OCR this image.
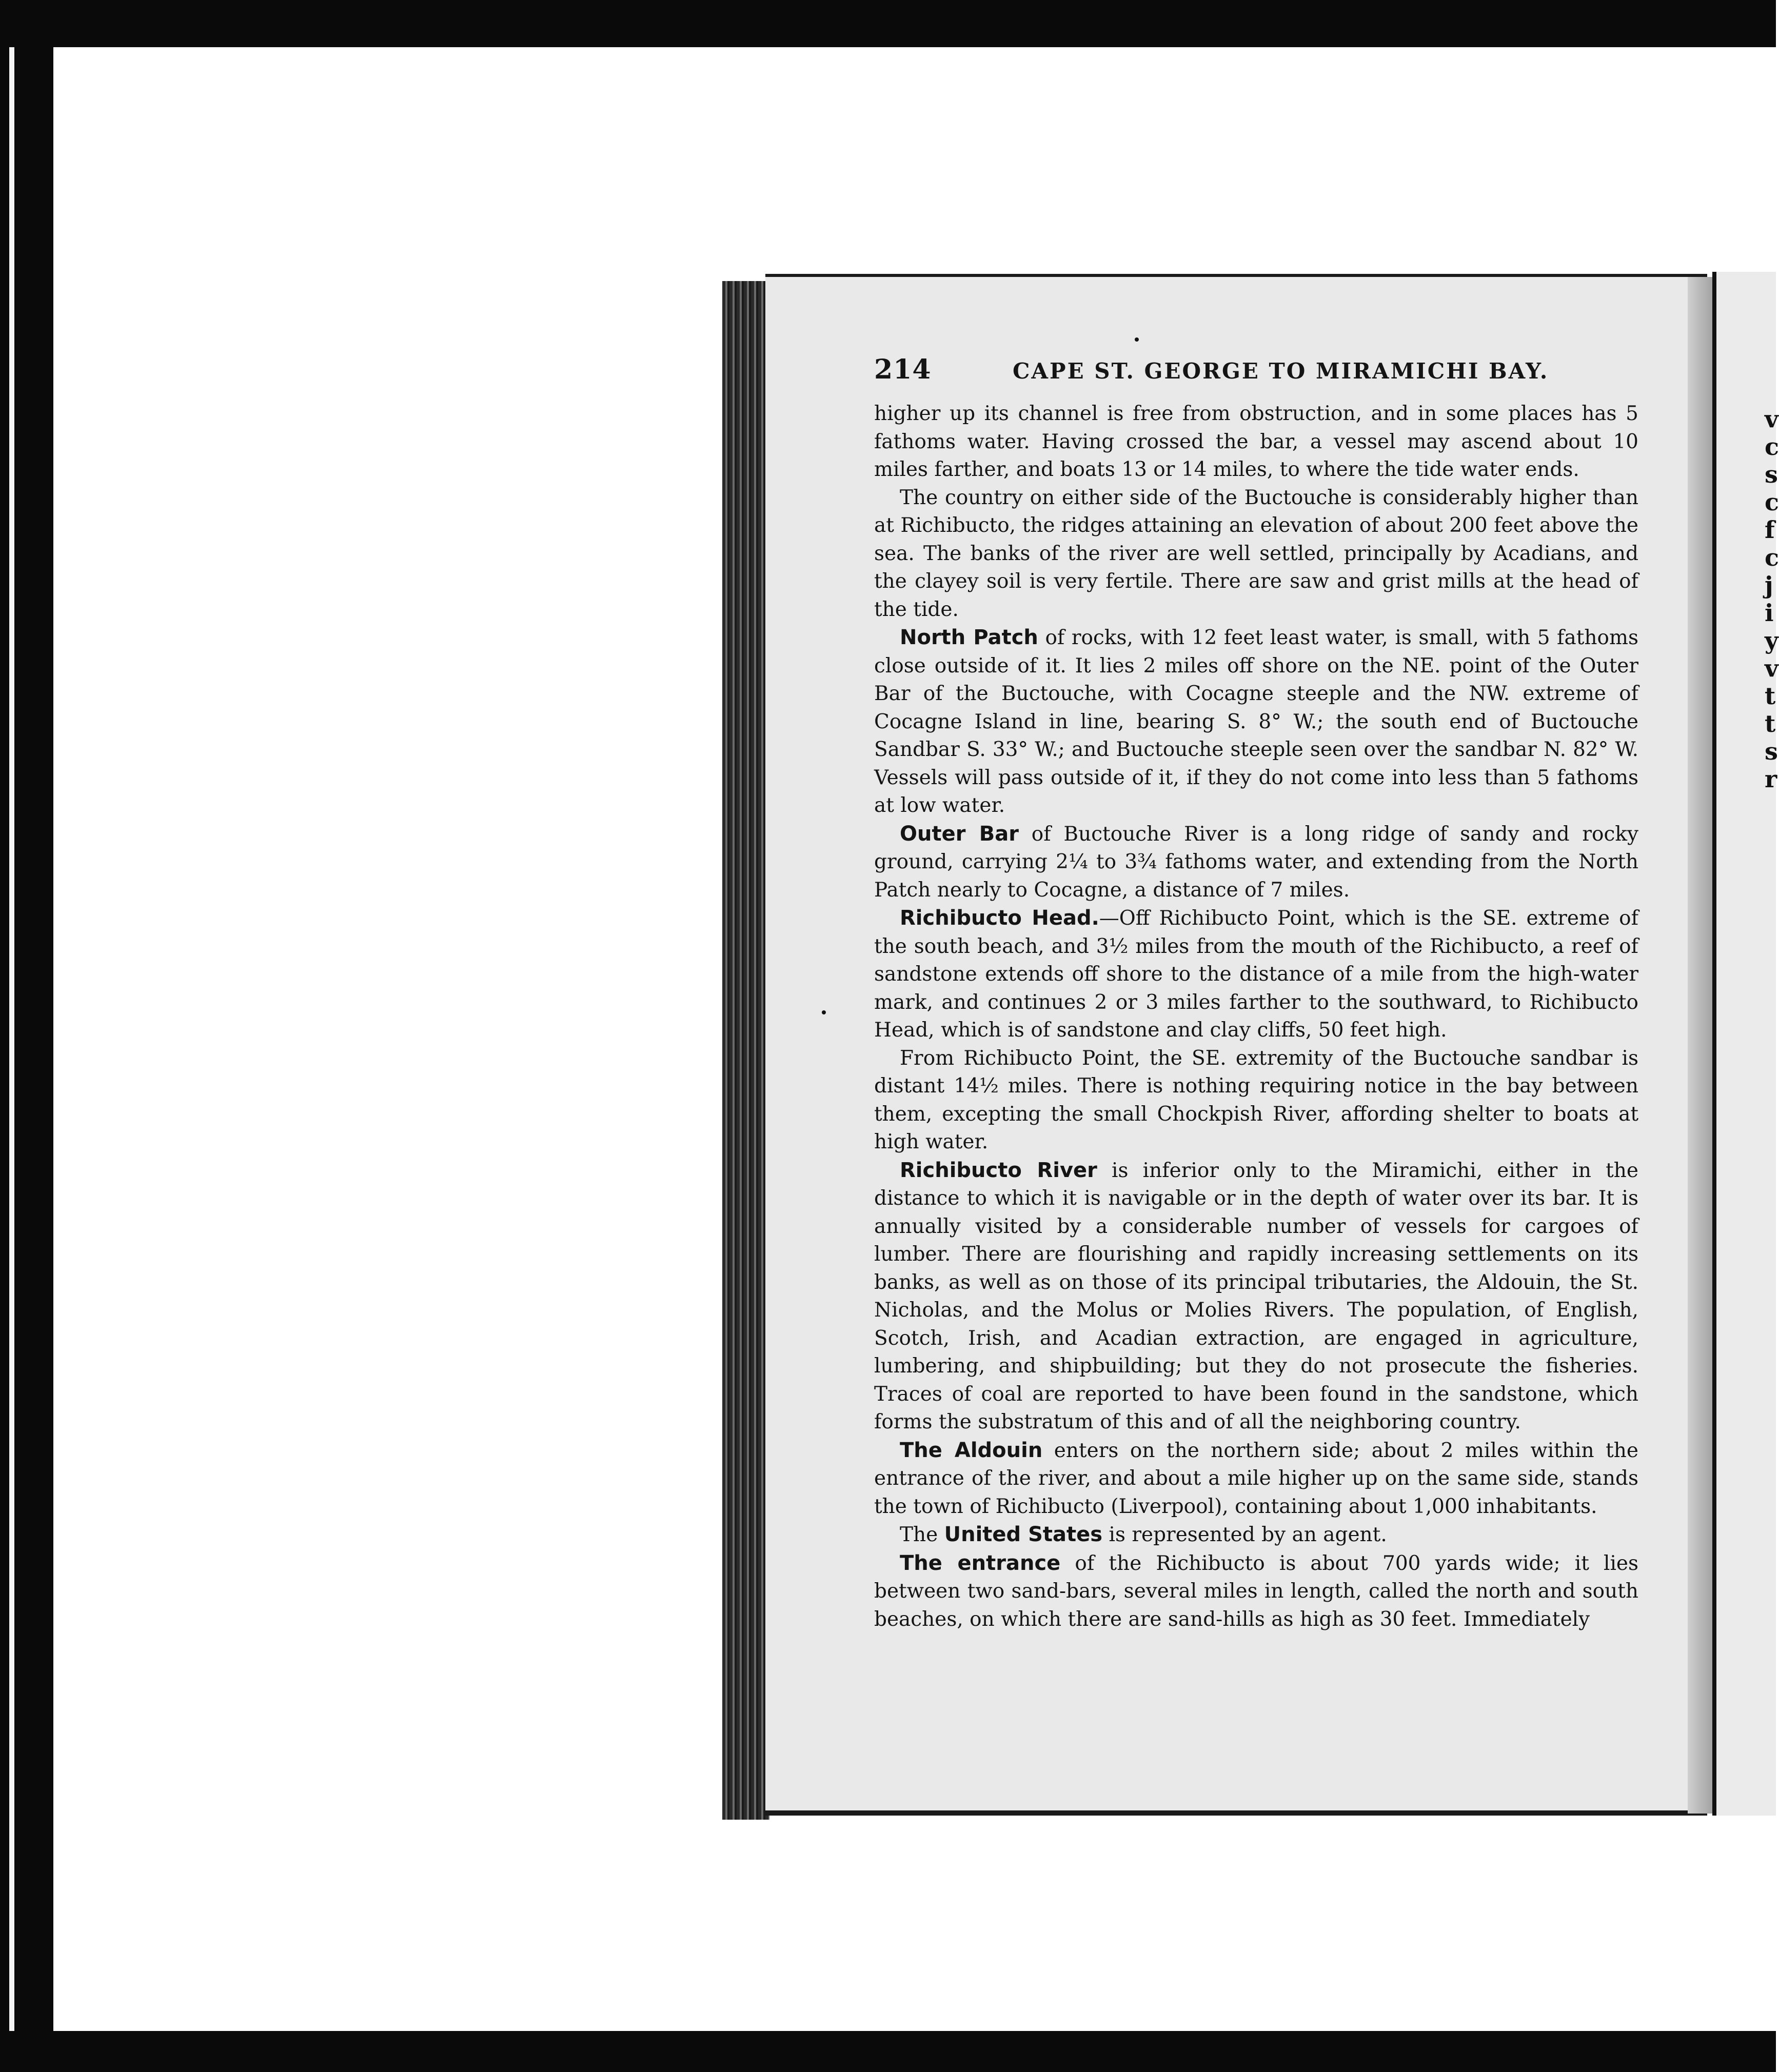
214	CAPE ST. GEORGE TO MIRAMICHI BAY.

higher up its channel is free from obstruction, and in some places has 5 fathoms water. Having crossed the bar, a vessel may ascend about 10 miles farther, and boats 13 or 14 miles, to where the tide water ends.

The country on either side of the Buctouche is considerably higher than at Richibucto, the ridges attaining an elevation of about 200 feet above the sea. The banks of the river are well settled, principally by Acadians, and the clayey soil is very fertile. There are saw and grist mills at the head of the tide.

North Patch of rocks, with 12 feet least water, is small, with 5 fathoms close outside of it. It lies 2 miles off shore on the NE. point of the Outer Bar of the Buctouche, with Cocagne steeple and the NW. extreme of Cocagne Island in line, bearing S. 8° W.; the south end of Buctouche Sandbar S. 33° W.; and Buctouche steeple seen over the sandbar N. 82° W. Vessels will pass outside of it, if they do not come into less than 5 fathoms at low water.

Outer Bar of Buctouche River is a long ridge of sandy and rocky ground, carrying 2¼ to 3¾ fathoms water, and extending from the North Patch nearly to Cocagne, a distance of 7 miles.

Richibucto Head.—Off Richibucto Point, which is the SE. extreme of the south beach, and 3½ miles from the mouth of the Richibucto, a reef of sandstone extends off shore to the distance of a mile from the high-water mark, and continues 2 or 3 miles farther to the southward, to Richibucto Head, which is of sandstone and clay cliffs, 50 feet high.

From Richibucto Point, the SE. extremity of the Buctouche sandbar is distant 14½ miles. There is nothing requiring notice in the bay between them, excepting the small Chockpish River, affording shelter to boats at high water.

Richibucto River is inferior only to the Miramichi, either in the distance to which it is navigable or in the depth of water over its bar. It is annually visited by a considerable number of vessels for cargoes of lumber. There are flourishing and rapidly increasing settlements on its banks, as well as on those of its principal tributaries, the Aldouin, the St. Nicholas, and the Molus or Molies Rivers. The population, of English, Scotch, Irish, and Acadian extraction, are engaged in agriculture, lumbering, and shipbuilding; but they do not prosecute the fisheries. Traces of coal are reported to have been found in the sandstone, which forms the substratum of this and of all the neighboring country.

The Aldouin enters on the northern side; about 2 miles within the entrance of the river, and about a mile higher up on the same side, stands the town of Richibucto (Liverpool), containing about 1,000 inhabitants.

The United States is represented by an agent.

The entrance of the Richibucto is about 700 yards wide; it lies between two sand-bars, several miles in length, called the north and south beaches, on which there are sand-hills as high as 30 feet. Immediately

v
c
s
c
f
c
j
i
y
v
t
t
s
r
